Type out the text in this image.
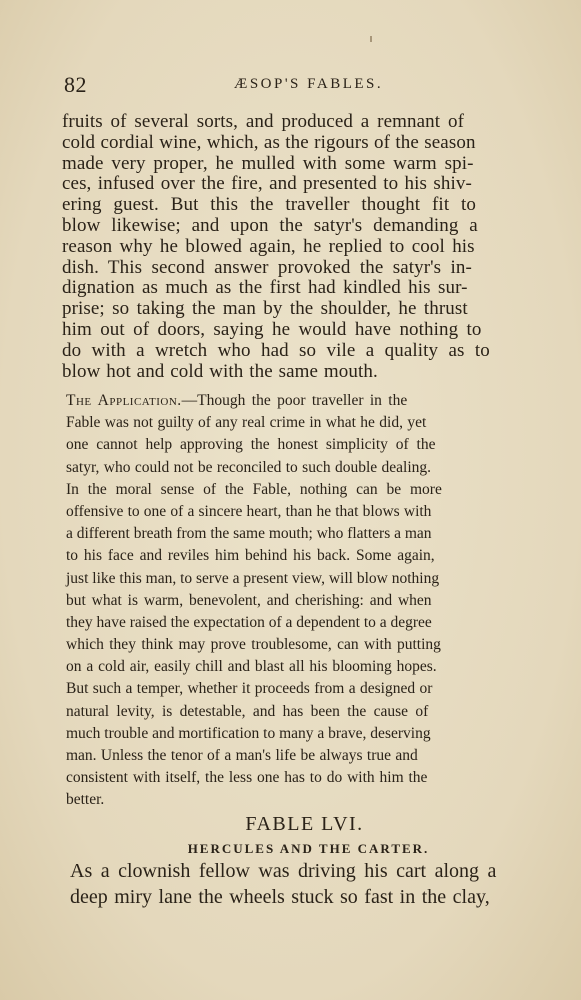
82	ÆSOP'S FABLES.
fruits of several sorts, and produced a remnant of
cold cordial wine, which, as the rigours of the season
made very proper, he mulled with some warm spi-
ces, infused over the fire, and presented to his shiv-
ering guest. But this the traveller thought fit to
blow likewise; and upon the satyr's demanding a
reason why he blowed again, he replied to cool his
dish. This second answer provoked the satyr's in-
dignation as much as the first had kindled his sur-
prise; so taking the man by the shoulder, he thrust
him out of doors, saying he would have nothing to
do with a wretch who had so vile a quality as to
blow hot and cold with the same mouth.
The Application.—Though the poor traveller in the
Fable was not guilty of any real crime in what he did, yet
one cannot help approving the honest simplicity of the
satyr, who could not be reconciled to such double dealing.
In the moral sense of the Fable, nothing can be more
offensive to one of a sincere heart, than he that blows with
a different breath from the same mouth; who flatters a man
to his face and reviles him behind his back. Some again,
just like this man, to serve a present view, will blow nothing
but what is warm, benevolent, and cherishing: and when
they have raised the expectation of a dependent to a degree
which they think may prove troublesome, can with putting
on a cold air, easily chill and blast all his blooming hopes.
But such a temper, whether it proceeds from a designed or
natural levity, is detestable, and has been the cause of
much trouble and mortification to many a brave, deserving
man. Unless the tenor of a man's life be always true and
consistent with itself, the less one has to do with him the
better.
FABLE LVI.
HERCULES AND THE CARTER.
As a clownish fellow was driving his cart along a
deep miry lane the wheels stuck so fast in the clay,
